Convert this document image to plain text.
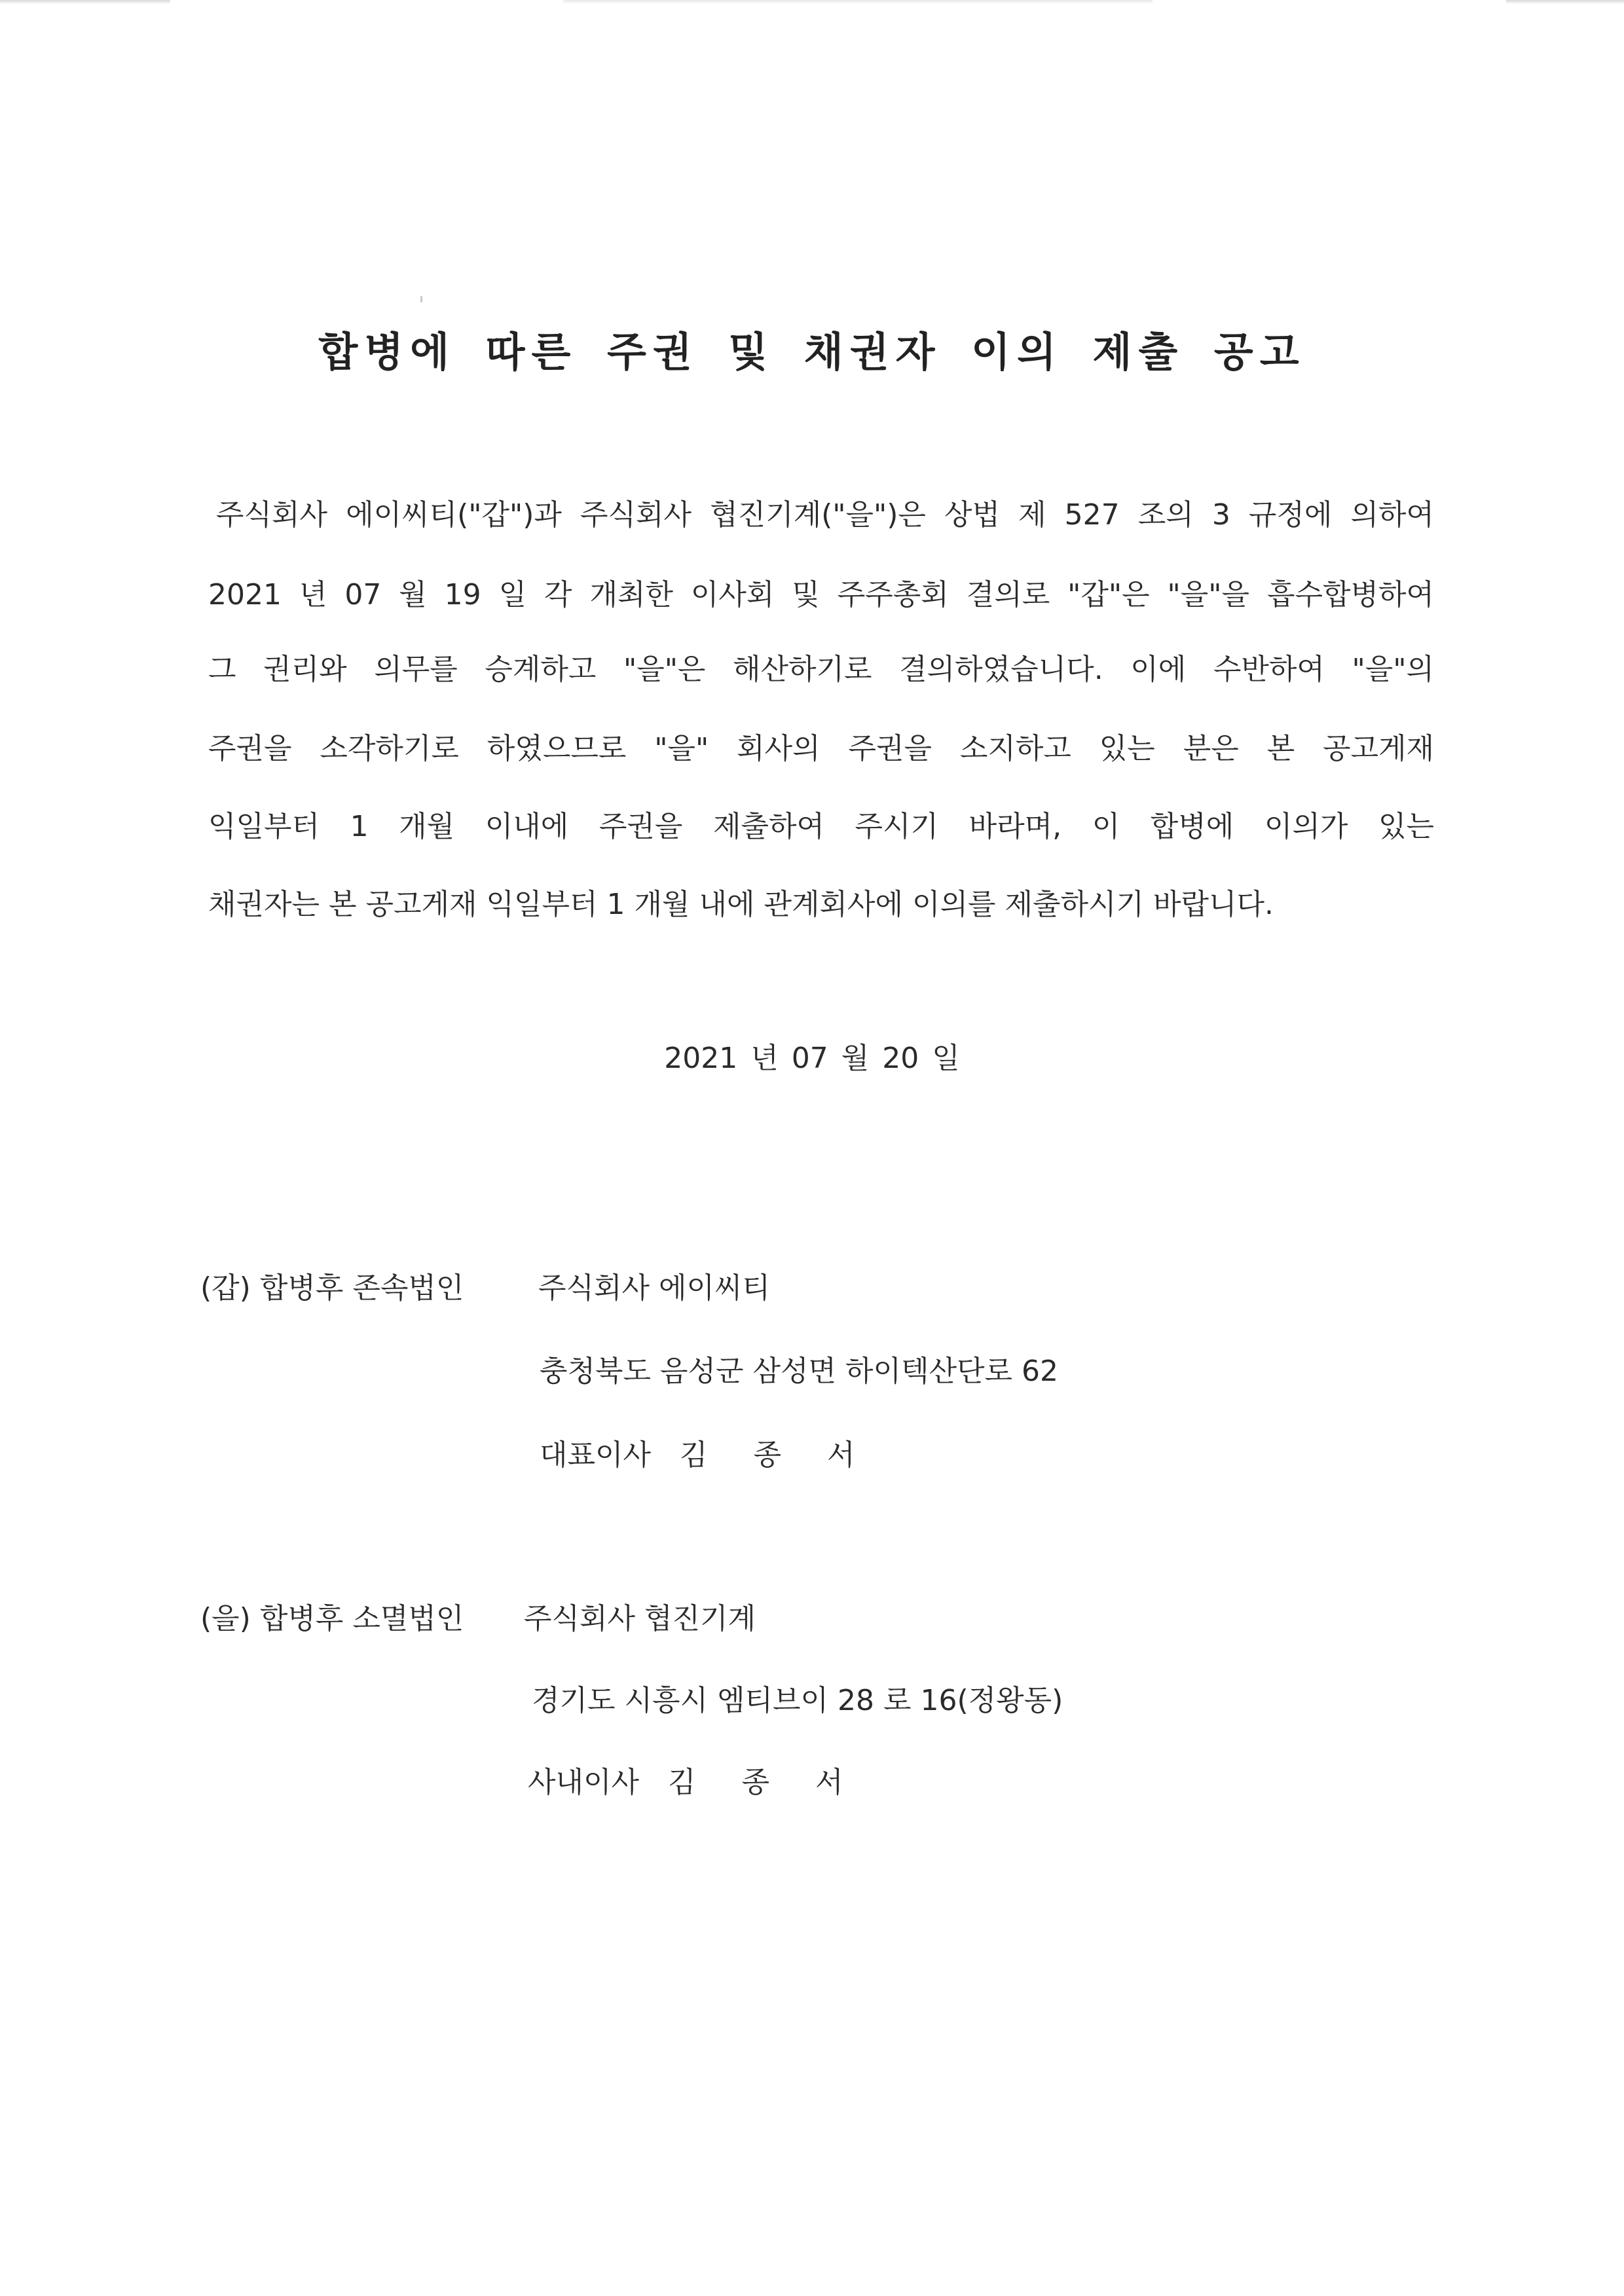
합병에 따른 주권 및 채권자 이의 제출 공고
주식회사 에이씨티("갑")과 주식회사 협진기계("을")은 상법 제 527 조의 3 규정에 의하여
2021 년 07 월 19 일 각 개최한 이사회 및 주주총회 결의로 "갑"은 "을"을 흡수합병하여
그 권리와 의무를 승계하고 "을"은 해산하기로 결의하였습니다. 이에 수반하여 "을"의
주권을 소각하기로 하였으므로 "을" 회사의 주권을 소지하고 있는 분은 본 공고게재
익일부터 1 개월 이내에 주권을 제출하여 주시기 바라며, 이 합병에 이의가 있는
채권자는 본 공고게재 익일부터 1 개월 내에 관계회사에 이의를 제출하시기 바랍니다.
2021 년 07 월 20 일
(갑) 합병후 존속법인	주식회사 에이씨티
충청북도 음성군 삼성면 하이텍산단로 62
대표이사 김 종 서
(을) 합병후 소멸법인 주식회사 협진기계
경기도 시흥시 엠티브이 28 로 16(정왕동)
사내이사 김 종 서
